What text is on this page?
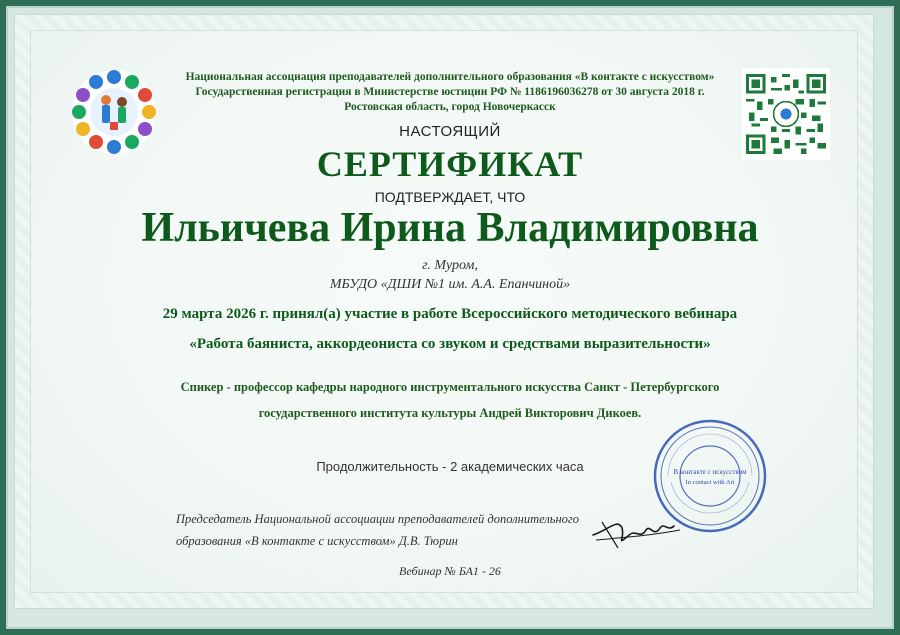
Национальная ассоциация преподавателей дополнительного образования «В контакте с искусством»
Государственная регистрация в Министерстве юстиции РФ № 1186196036278 от 30 августа 2018 г.
Ростовская область, город Новочеркасск
НАСТОЯЩИЙ
СЕРТИФИКАТ
ПОДТВЕРЖДАЕТ, ЧТО
Ильичева Ирина Владимировна
г. Муром,
МБУДО «ДШИ №1 им. А.А. Епанчиной»
29 марта 2026 г. принял(а) участие в работе Всероссийского методического вебинара
«Работа баяниста, аккордеониста со звуком и средствами выразительности»
Спикер - профессор кафедры народного инструментального искусства Санкт - Петербургского государственного института культуры Андрей Викторович Дикоев.
Продолжительность - 2 академических часа
Председатель Национальной ассоциации преподавателей дополнительного образования «В контакте с искусством» Д.В. Тюрин
Вебинар № БА1 - 26
В контакте с искусством
In contact with Art
